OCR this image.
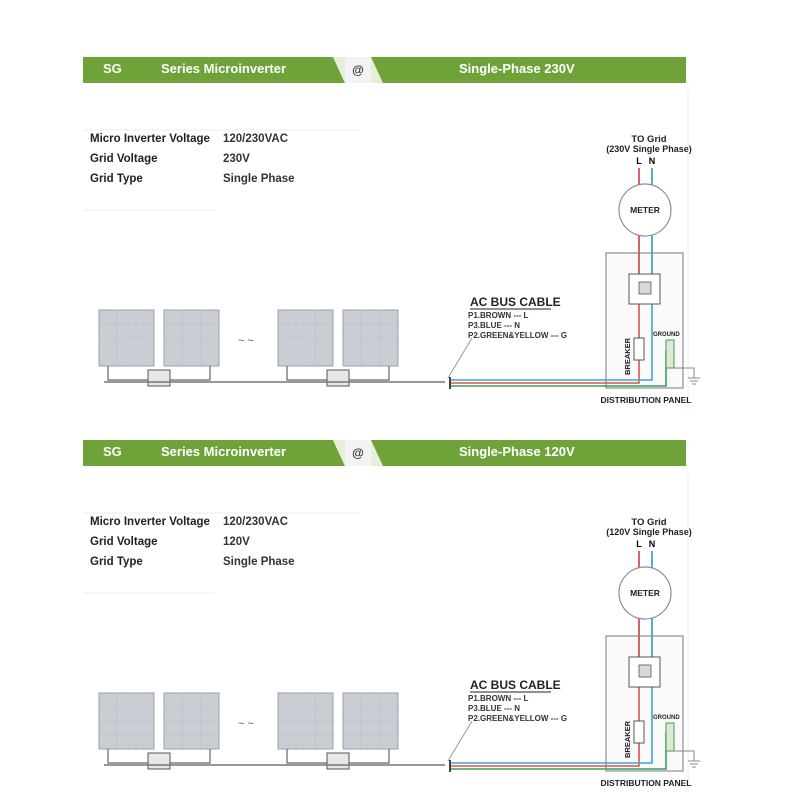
SG	Series Microinverter	@	Single-Phase 230V
Micro Inverter Voltage 120/230VAC
Grid Voltage	230V
Grid Type	Single Phase
~ ~
AC BUS CABLE
P1.BROWN --- L
P3.BLUE --- N
P2.GREEN&YELLOW --- G
TO Grid
(230V Single Phase)
L N
DISTRIBUTION PANEL
METER
BREAKER
GROUND
SG	Series Microinverter	@	Single-Phase 120V
Micro Inverter Voltage 120/230VAC
Grid Voltage	120V
Grid Type	Single Phase
~ ~
AC BUS CABLE
P1.BROWN --- L
P3.BLUE --- N
P2.GREEN&YELLOW --- G
TO Grid
(120V Single Phase)
L N
DISTRIBUTION PANEL
METER
BREAKER
GROUND
